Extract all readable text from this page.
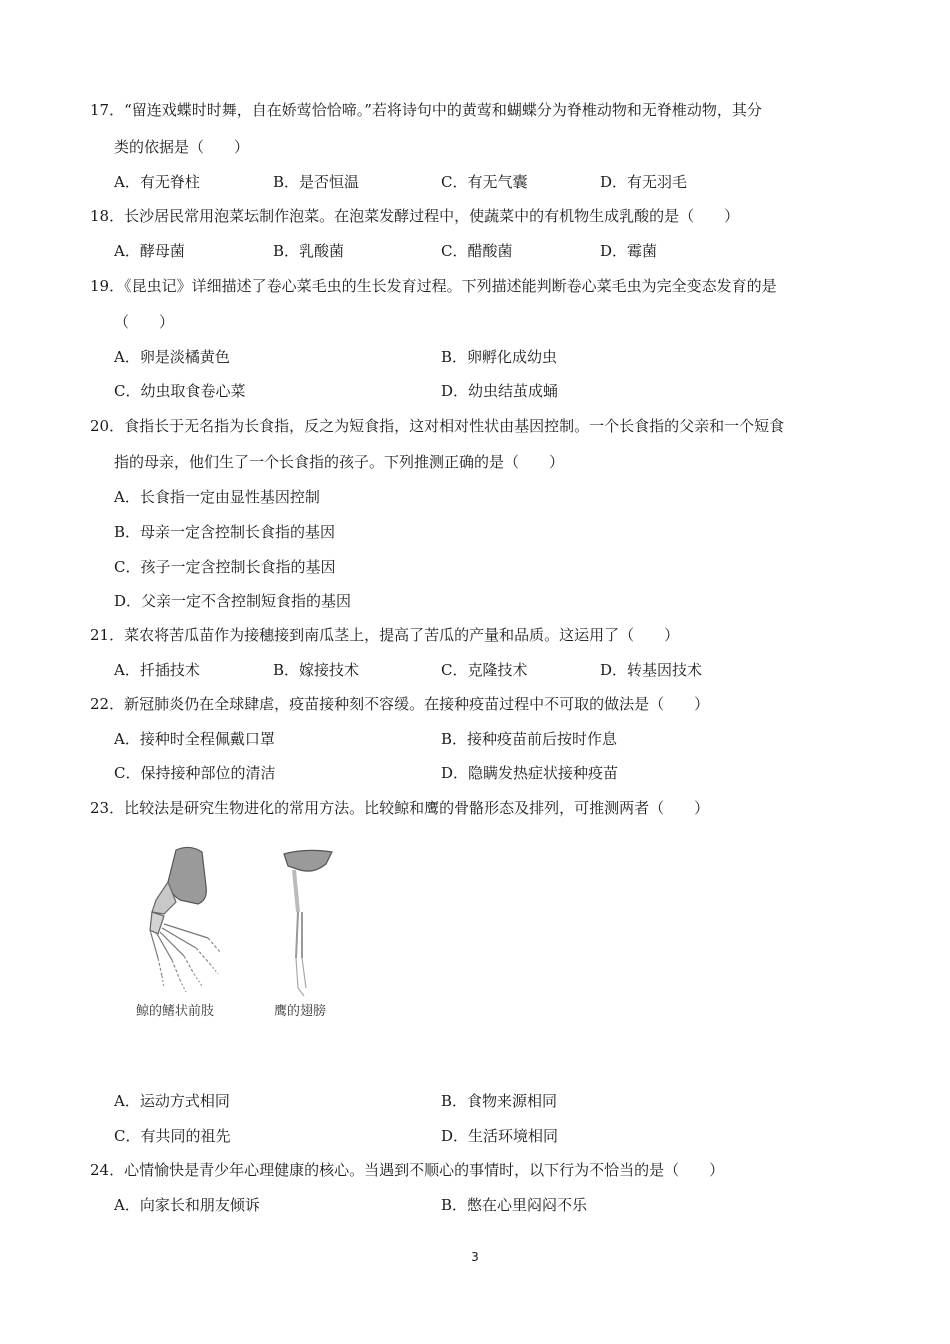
17．“留连戏蝶时时舞，自在娇莺恰恰啼。”若将诗句中的黄莺和蝴蝶分为脊椎动物和无脊椎动物，其分
类的依据是（　　）
A．有无脊柱	B．是否恒温	C．有无气囊	D．有无羽毛
18．长沙居民常用泡菜坛制作泡菜。在泡菜发酵过程中，使蔬菜中的有机物生成乳酸的是（　　）
A．酵母菌	B．乳酸菌	C．醋酸菌	D．霉菌
19．《昆虫记》详细描述了卷心菜毛虫的生长发育过程。下列描述能判断卷心菜毛虫为完全变态发育的是
（　　）
A．卵是淡橘黄色	B．卵孵化成幼虫
C．幼虫取食卷心菜	D．幼虫结茧成蛹
20．食指长于无名指为长食指，反之为短食指，这对相对性状由基因控制。一个长食指的父亲和一个短食
指的母亲，他们生了一个长食指的孩子。下列推测正确的是（　　）
A．长食指一定由显性基因控制
B．母亲一定含控制长食指的基因
C．孩子一定含控制长食指的基因
D．父亲一定不含控制短食指的基因
21．菜农将苦瓜苗作为接穗接到南瓜茎上，提高了苦瓜的产量和品质。这运用了（　　）
A．扦插技术	B．嫁接技术	C．克隆技术	D．转基因技术
22．新冠肺炎仍在全球肆虐，疫苗接种刻不容缓。在接种疫苗过程中不可取的做法是（　　）
A．接种时全程佩戴口罩	B．接种疫苗前后按时作息
C．保持接种部位的清洁	D．隐瞒发热症状接种疫苗
23．比较法是研究生物进化的常用方法。比较鲸和鹰的骨骼形态及排列，可推测两者（　　）
鲸的鳍状前肢	鹰的翅膀
A．运动方式相同	B．食物来源相同
C．有共同的祖先	D．生活环境相同
24．心情愉快是青少年心理健康的核心。当遇到不顺心的事情时，以下行为不恰当的是（　　）
A．向家长和朋友倾诉	B．憋在心里闷闷不乐
3
